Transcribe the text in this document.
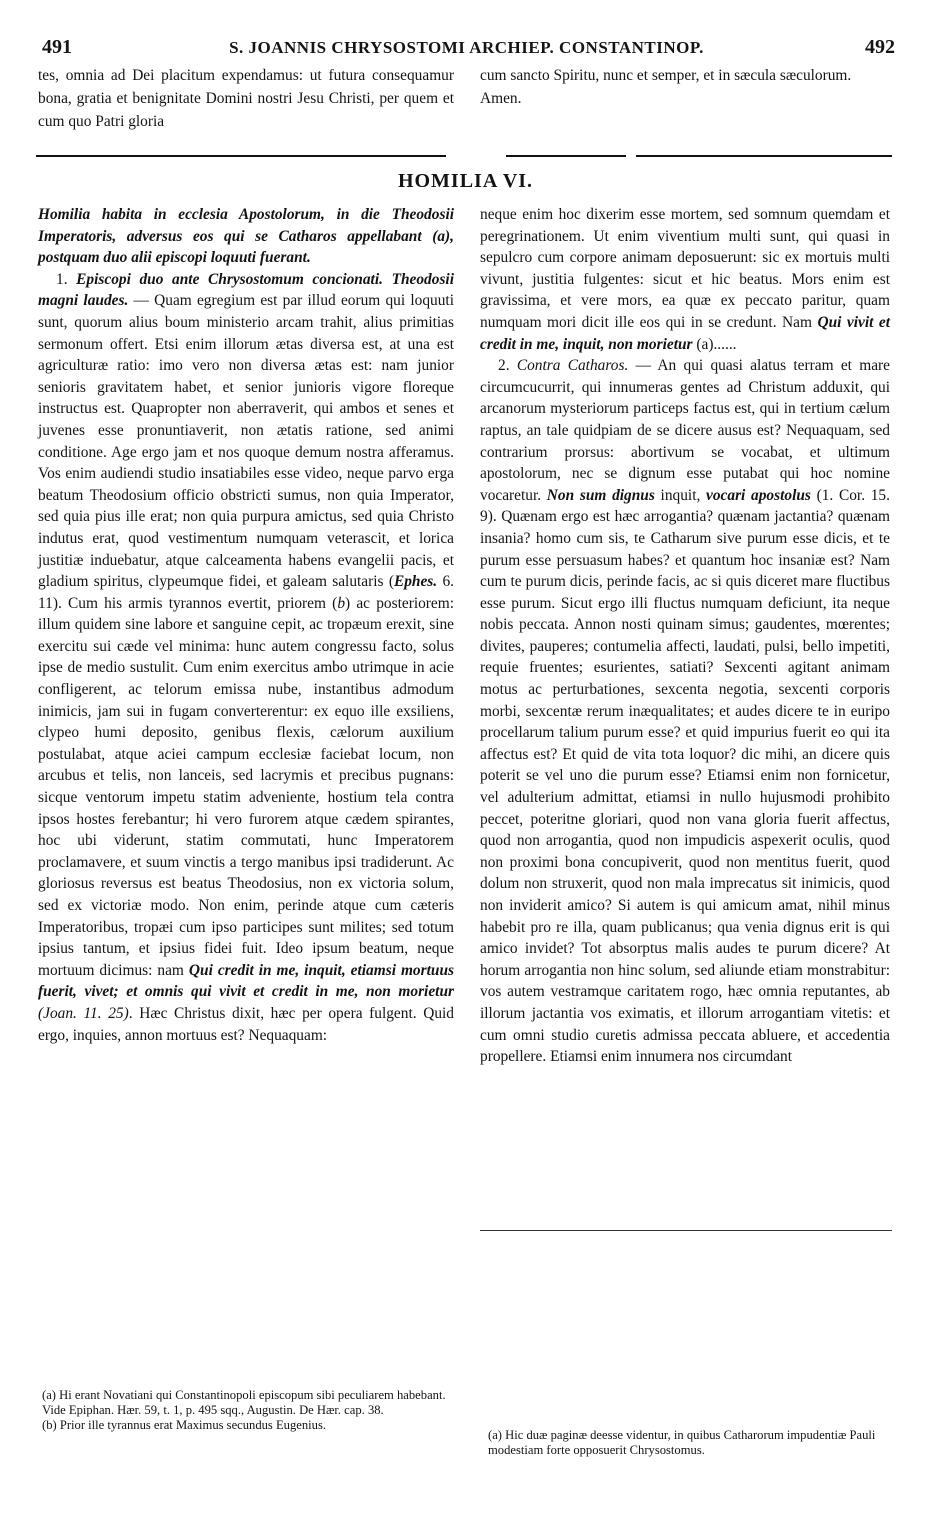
491	S. JOANNIS CHRYSOSTOMI ARCHIEP. CONSTANTINOP.	492

tes, omnia ad Dei placitum expendamus: ut futura consequamur bona, gratia et benignitate Domini nostri Jesu Christi, per quem et cum quo Patri gloria

cum sancto Spiritu, nunc et semper, et in sæcula sæculorum. Amen.

HOMILIA VI.

Homilia habita in ecclesia Apostolorum, in die Theodosii Imperatoris, adversus eos qui se Catharos appellabant (a), postquam duo alii episcopi loquuti fuerant.

1. Episcopi duo ante Chrysostomum concionati. Theodosii magni laudes. — Quam egregium est par illud eorum qui loquuti sunt, quorum alius boum ministerio arcam trahit, alius primitias sermonum offert. Etsi enim illorum ætas diversa est, at una est agriculturæ ratio: imo vero non diversa ætas est: nam junior senioris gravitatem habet, et senior junioris vigore floreque instructus est. Quapropter non aberraverit, qui ambos et senes et juvenes esse pronuntiaverit, non ætatis ratione, sed animi conditione. Age ergo jam et nos quoque demum nostra afferamus. Vos enim audiendi studio insatiabiles esse video, neque parvo erga beatum Theodosium officio obstricti sumus, non quia Imperator, sed quia pius ille erat; non quia purpura amictus, sed quia Christo indutus erat, quod vestimentum numquam veterascit, et lorica justitiæ induebatur, atque calceamenta habens evangelii pacis, et gladium spiritus, clypeumque fidei, et galeam salutaris (Ephes. 6. 11). Cum his armis tyrannos evertit, priorem (b) ac posteriorem: illum quidem sine labore et sanguine cepit, ac tropæum erexit, sine exercitu sui cæde vel minima: hunc autem congressu facto, solus ipse de medio sustulit. Cum enim exercitus ambo utrimque in acie confligerent, ac telorum emissa nube, instantibus admodum inimicis, jam sui in fugam converterentur: ex equo ille exsiliens, clypeo humi deposito, genibus flexis, cælorum auxilium postulabat, atque aciei campum ecclesiæ faciebat locum, non arcubus et telis, non lanceis, sed lacrymis et precibus pugnans: sicque ventorum impetu statim adveniente, hostium tela contra ipsos hostes ferebantur; hi vero furorem atque cædem spirantes, hoc ubi viderunt, statim commutati, hunc Imperatorem proclamavere, et suum vinctis a tergo manibus ipsi tradiderunt. Ac gloriosus reversus est beatus Theodosius, non ex victoria solum, sed ex victoriæ modo. Non enim, perinde atque cum cæteris Imperatoribus, tropæi cum ipso participes sunt milites; sed totum ipsius tantum, et ipsius fidei fuit. Ideo ipsum beatum, neque mortuum dicimus: nam Qui credit in me, inquit, etiamsi mortuus fuerit, vivet; et omnis qui vivit et credit in me, non morietur (Joan. 11. 25). Hæc Christus dixit, hæc per opera fulgent. Quid ergo, inquies, annon mortuus est? Nequaquam:

neque enim hoc dixerim esse mortem, sed somnum quemdam et peregrinationem. Ut enim viventium multi sunt, qui quasi in sepulcro cum corpore animam deposuerunt: sic ex mortuis multi vivunt, justitia fulgentes: sicut et hic beatus. Mors enim est gravissima, et vere mors, ea quæ ex peccato paritur, quam numquam mori dicit ille eos qui in se credunt. Nam Qui vivit et credit in me, inquit, non morietur (a)......

2. Contra Catharos. — An qui quasi alatus terram et mare circumcucurrit, qui innumeras gentes ad Christum adduxit, qui arcanorum mysteriorum particeps factus est, qui in tertium cælum raptus, an tale quidpiam de se dicere ausus est? Nequaquam, sed contrarium prorsus: abortivum se vocabat, et ultimum apostolorum, nec se dignum esse putabat qui hoc nomine vocaretur. Non sum dignus inquit, vocari apostolus (1. Cor. 15. 9). Quænam ergo est hæc arrogantia? quænam jactantia? quænam insania? homo cum sis, te Catharum sive purum esse dicis, et te purum esse persuasum habes? et quantum hoc insaniæ est? Nam cum te purum dicis, perinde facis, ac si quis diceret mare fluctibus esse purum. Sicut ergo illi fluctus numquam deficiunt, ita neque nobis peccata. Annon nosti quinam simus; gaudentes, mœrentes; divites, pauperes; contumelia affecti, laudati, pulsi, bello impetiti, requie fruentes; esurientes, satiati? Sexcenti agitant animam motus ac perturbationes, sexcenta negotia, sexcenti corporis morbi, sexcentæ rerum inæqualitates; et audes dicere te in euripo procellarum talium purum esse? et quid impurius fuerit eo qui ita affectus est? Et quid de vita tota loquor? dic mihi, an dicere quis poterit se vel uno die purum esse? Etiamsi enim non fornicetur, vel adulterium admittat, etiamsi in nullo hujusmodi prohibito peccet, poteritne gloriari, quod non vana gloria fuerit affectus, quod non arrogantia, quod non impudicis aspexerit oculis, quod non proximi bona concupiverit, quod non mentitus fuerit, quod dolum non struxerit, quod non mala imprecatus sit inimicis, quod non inviderit amico? Si autem is qui amicum amat, nihil minus habebit pro re illa, quam publicanus; qua venia dignus erit is qui amico invidet? Tot absorptus malis audes te purum dicere? At horum arrogantia non hinc solum, sed aliunde etiam monstrabitur: vos autem vestramque caritatem rogo, hæc omnia reputantes, ab illorum jactantia vos eximatis, et illorum arrogantiam vitetis: et cum omni studio curetis admissa peccata abluere, et accedentia propellere. Etiamsi enim innumera nos circumdant

(a) Hi erant Novatiani qui Constantinopoli episcopum sibi peculiarem habebant. Vide Epiphan. Hær. 59, t. 1, p. 495 sqq., Augustin. De Hær. cap. 38.

(b) Prior ille tyrannus erat Maximus secundus Eugenius.

(a) Hic duæ paginæ deesse videntur, in quibus Catharorum impudentiæ Pauli modestiam forte opposuerit Chrysostomus.
